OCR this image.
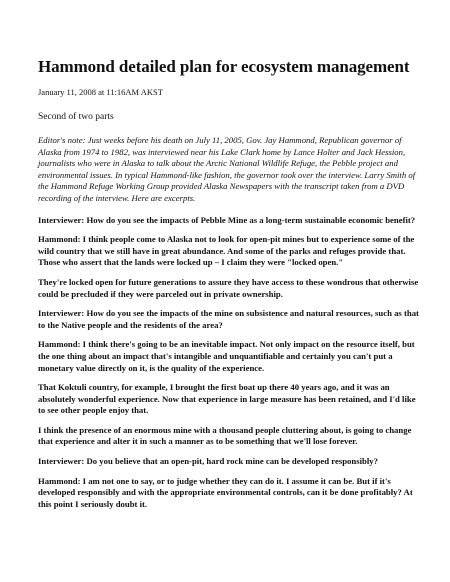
Hammond detailed plan for ecosystem management
January 11, 2008 at 11:16AM AKST
Second of two parts

Editor's note: Just weeks before his death on July 11, 2005, Gov. Jay Hammond, Republican governor of Alaska from 1974 to 1982, was interviewed near his Lake Clark home by Lance Holter and Jack Hession, journalists who were in Alaska to talk about the Arctic National Wildlife Refuge, the Pebble project and environmental issues. In typical Hammond-like fashion, the governor took over the interview. Larry Smith of the Hammond Refuge Working Group provided Alaska Newspapers with the transcript taken from a DVD recording of the interview. Here are excerpts.

Interviewer: How do you see the impacts of Pebble Mine as a long-term sustainable economic benefit?

Hammond: I think people come to Alaska not to look for open-pit mines but to experience some of the wild country that we still have in great abundance. And some of the parks and refuges provide that. Those who assert that the lands were locked up – I claim they were "locked open."

They're locked open for future generations to assure they have access to these wondrous that otherwise could be precluded if they were parceled out in private ownership.

Interviewer: How do you see the impacts of the mine on subsistence and natural resources, such as that to the Native people and the residents of the area?

Hammond: I think there's going to be an inevitable impact. Not only impact on the resource itself, but the one thing about an impact that's intangible and unquantifiable and certainly you can't put a monetary value directly on it, is the quality of the experience.

That Koktuli country, for example, I brought the first boat up there 40 years ago, and it was an absolutely wonderful experience. Now that experience in large measure has been retained, and I'd like to see other people enjoy that.

I think the presence of an enormous mine with a thousand people cluttering about, is going to change that experience and alter it in such a manner as to be something that we'll lose forever.

Interviewer: Do you believe that an open-pit, hard rock mine can be developed responsibly?

Hammond: I am not one to say, or to judge whether they can do it. I assume it can be. But if it's developed responsibly and with the appropriate environmental controls, can it be done profitably? At this point I seriously doubt it.
